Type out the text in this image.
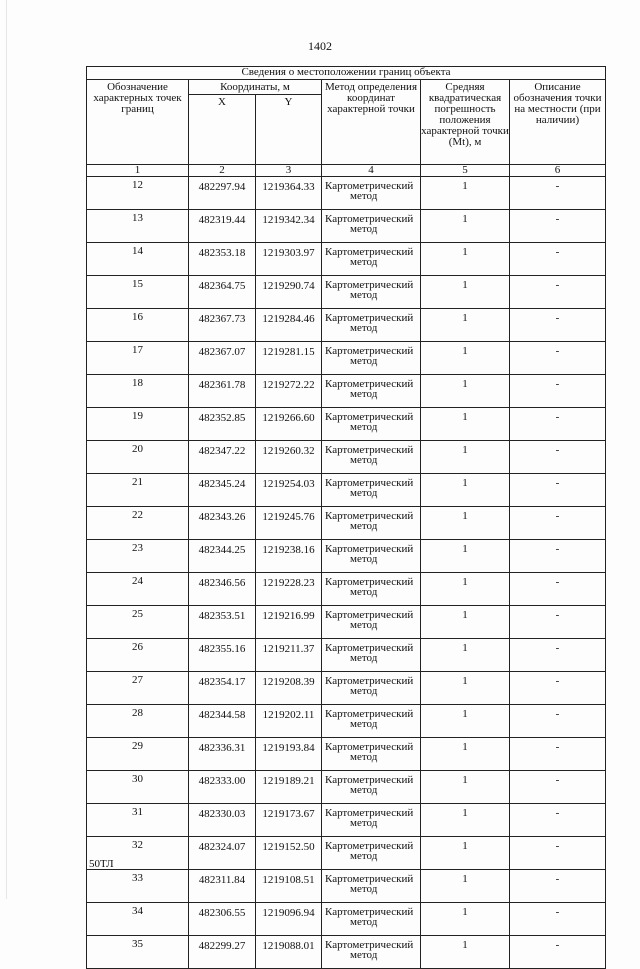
1402
Сведения о местоположении границ объекта					
Обозначение характерных точек границ	Координаты, м		Метод определения координат характерной точки	Средняя квадратическая погрешность положения характерной точки (Mt), м	Описание обозначения точки на местности (при наличии)
	X	Y			
1	2	3	4	5	6
12	482297.94	1219364.33	Картометрический
метод	1	-
13	482319.44	1219342.34	Картометрический
метод	1	-
14	482353.18	1219303.97	Картометрический
метод	1	-
15	482364.75	1219290.74	Картометрический
метод	1	-
16	482367.73	1219284.46	Картометрический
метод	1	-
17	482367.07	1219281.15	Картометрический
метод	1	-
18	482361.78	1219272.22	Картометрический
метод	1	-
19	482352.85	1219266.60	Картометрический
метод	1	-
20	482347.22	1219260.32	Картометрический
метод	1	-
21	482345.24	1219254.03	Картометрический
метод	1	-
22	482343.26	1219245.76	Картометрический
метод	1	-
23	482344.25	1219238.16	Картометрический
метод	1	-
24	482346.56	1219228.23	Картометрический
метод	1	-
25	482353.51	1219216.99	Картометрический
метод	1	-
26	482355.16	1219211.37	Картометрический
метод	1	-
27	482354.17	1219208.39	Картометрический
метод	1	-
28	482344.58	1219202.11	Картометрический
метод	1	-
29	482336.31	1219193.84	Картометрический
метод	1	-
30	482333.00	1219189.21	Картометрический
метод	1	-
31	482330.03	1219173.67	Картометрический
метод	1	-
32	482324.07	1219152.50	Картометрический
метод	1	-
33	482311.84	1219108.51	Картометрический
метод	1	-
34	482306.55	1219096.94	Картометрический
метод	1	-
35	482299.27	1219088.01	Картометрический
метод	1	-
50ТЛ
